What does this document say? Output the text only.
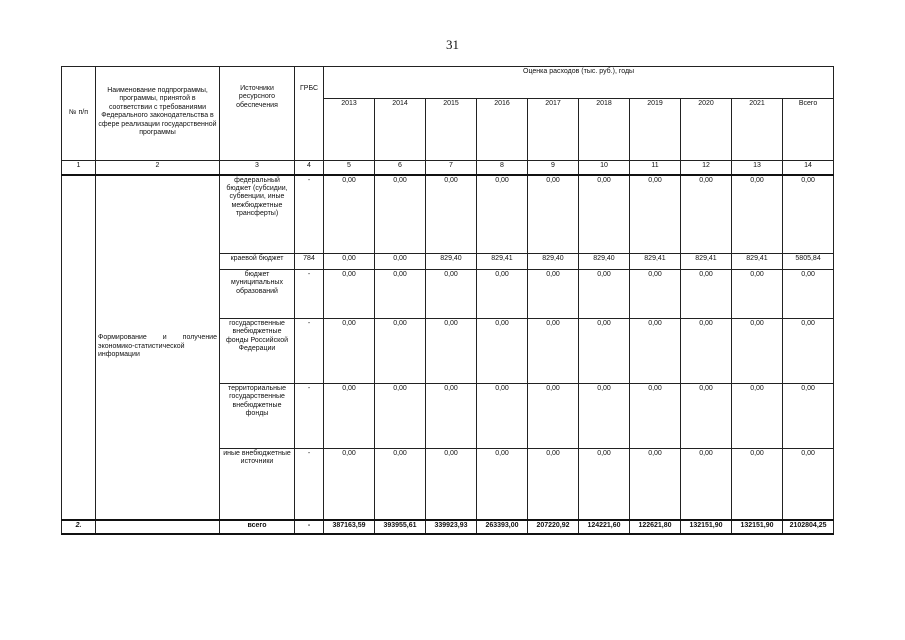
31
№ п/п	Наименование подпрограммы, программы, принятой в соответствии с требованиями Федерального законодательства в сфере реализации государственной программы	Источники ресурсного обеспечения	ГРБС	Оценка расходов (тыс. руб.), годы									
				2013	2014	2015	2016	2017	2018	2019	2020	2021	Всего
1	2	3	4	5	6	7	8	9	10	11	12	13	14
	Формирование и получение экономико-статистической информации	федеральный бюджет (субсидии, субвенции, иные межбюджетные трансферты)	-	0,00	0,00	0,00	0,00	0,00	0,00	0,00	0,00	0,00	0,00
		краевой бюджет	784	0,00	0,00	829,40	829,41	829,40	829,40	829,41	829,41	829,41	5805,84
		бюджет муниципальных образований	-	0,00	0,00	0,00	0,00	0,00	0,00	0,00	0,00	0,00	0,00
		государственные внебюджетные фонды Российской Федерации	-	0,00	0,00	0,00	0,00	0,00	0,00	0,00	0,00	0,00	0,00
		территориальные государственные внебюджетные фонды	-	0,00	0,00	0,00	0,00	0,00	0,00	0,00	0,00	0,00	0,00
		иные внебюджетные источники	-	0,00	0,00	0,00	0,00	0,00	0,00	0,00	0,00	0,00	0,00
2.		всего	-	387163,59	393955,61	339923,93	263393,00	207220,92	124221,60	122621,80	132151,90	132151,90	2102804,25
